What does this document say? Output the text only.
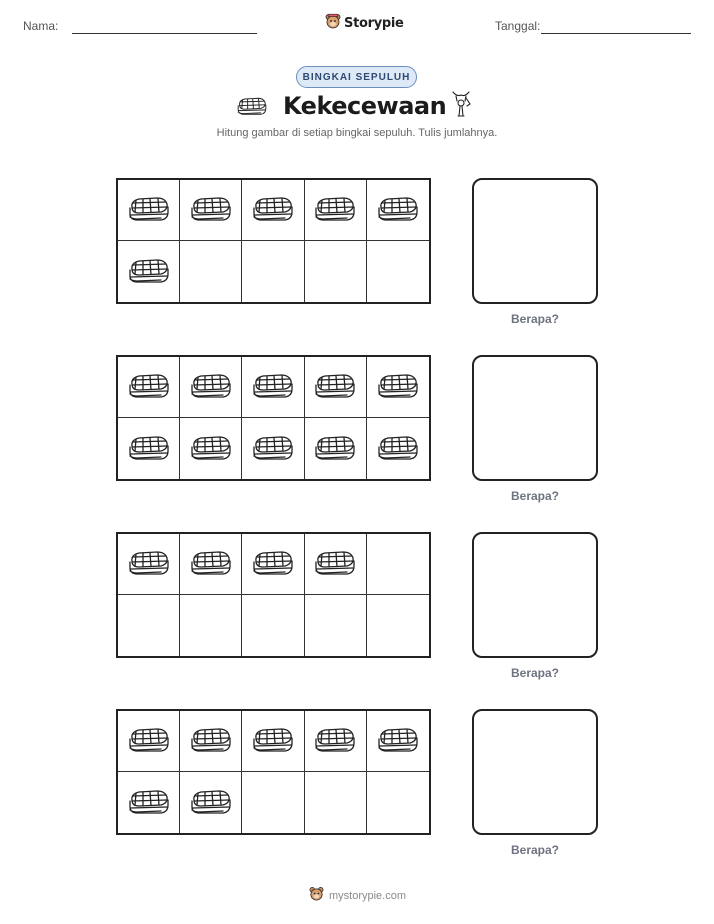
Nama:	Storypie	Tanggal:
BINGKAI SEPULUH
Kekecewaan
Hitung gambar di setiap bingkai sepuluh. Tulis jumlahnya.
Berapa?
Berapa?
Berapa?
Berapa?
mystorypie.com
